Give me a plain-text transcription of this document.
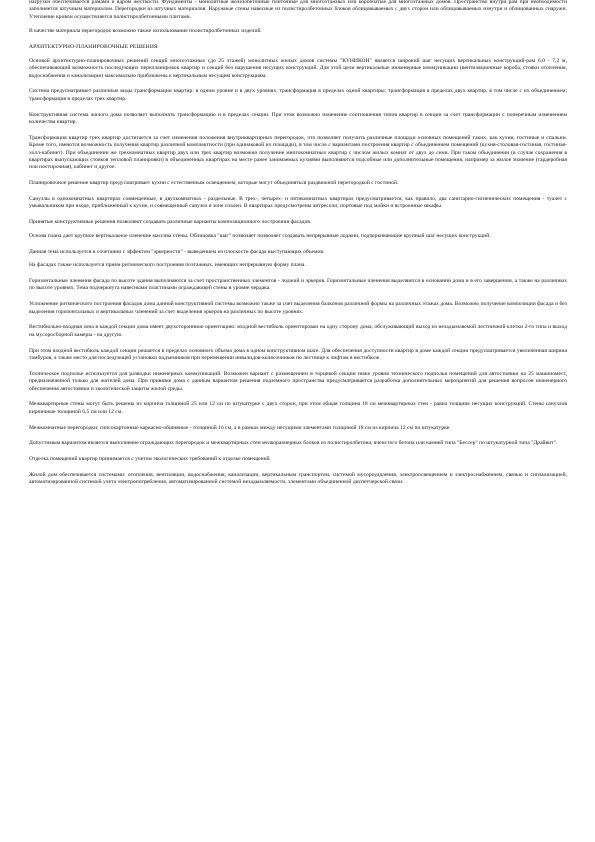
нагрузки обеспечивается рамами и ядром жесткости. Фундаменты - монолитные железобетонные плиточные для многоэтажных или коробчатые для многоэтажных домов. Пространство внутри рам при необходимости заполняется штучным материалом. Перегородки из штучных материалов. Наружные стены навесные из полистиролбетонных блоков облицовываемых с двух сторон или облицовываемых изнутри и облицованных снаружи. Утепление кровли осуществляется полистиролбетонными плитами.

В качестве материала перегородок возможно также использование полистиролбетонных изделий.

АРХИТЕКТУРНО-ПЛАНИРОВОЧНЫЕ РЕШЕНИЯ

Основой архитектурно-планировочных решений секций многоэтажных (до 25 этажей) монолитных жилых домов системы "КУНИКОН" является широкий шаг несущих вертикальных конструкций-рам 6,0 - 7,2 м, обеспечивающий возможность последующих перепланировок квартир и секций без нарушения несущих конструкций. Для этой цели вертикальные инженерные коммуникации (вентиляционные короба, стояки отопления, водоснабжения и канализации) максимально приближены к вертикальным несущим конструкциям.

Система предусматривает различные виды трансформации квартир: в одном уровне и в двух уровнях; трансформация в пределах одной квартиры; трансформация в пределах двух квартир, в том числе с их объединением; трансформация в пределах трех квартир.

Конструктивная система жилого дома позволяет выполнять трансформацию и в пределах секции. При этом возможно изменение соотношения типов квартир в секции за счет трансформации с поперечным изменением количества квартир.

Трансформация квартир трех квартир достигается за счет изменения положения внутриквартирных перегородок, что позволяет получить различные площади основных помещений таких, как кухни, гостиные и спальни. Кроме того, имеются возможность получения квартир различной комплектности (при одинаковой их площади), в том числе с вариантами построения квартир с объединением помещений (кухня-столовая-гостиная, гостиная-холл-кабинет). При объединении же трехкомнатных квартир двух или трех квартир возможно получение многокомнатных квартир с числом жилых комнат от двух до семи. При таком объединении (в случае сохранения в квартирах выпускающих стояков тепловой планировки) в объединенных квартирах на месте ранее занимаемых кухнями выполняются подсобные или дополнительные помещения, например за жилое значение (гардеробная или постирочная), кабинет и другое.

Планировочное решение квартир предусматривает кухни с естественным освещением, которые могут объединяться раздвижной перегородкой с гостиной.

Санузлы в однокомнатных квартирах совмещенные, в двухкомнатных - раздельные. В трех-, четырех- и пятикомнатных квартирах предусматривается, как правило, два санитарно-гигиенических помещения - туалет с умывальником при входе, приближенный к кухне, и совмещенный санузел в зоне спален. В квартирах предусмотрены антресоли, портовые под мойки и встроенные шкафы.

Принятые конструктивные решения позволяют создавать различные варианты композиционного построения фасадов.

Основа плана дает крупное вертикальное членение массива стены. Облицовка "шаг" позволяет позволяет создавать непрерывные лоджии, подчеркивающие крупный шаг несущих конструкций.

Данная тема используется в сочетании с эффектом "эркерности" - выведением из плоскости фасада выступающих объемов.

На фасадах также используется прием ритмического построения поэтажных, имеющих непрерывную форму плана.

Горизонтальные членения фасада по высоте здания выполняются за счет пространственных элементов - лоджий и эркеров. Горизонтальные членения выделяются в основании дома и в его завершении, а также на различных по высоте уровнях. Тема подчеркнута навесными пластинами ограждающей стены в уровне чердака.

Усложнение ритмического построения фасадов дома данной конструктивной системы возможно также за счет выделения балконов различной формы на различных этажах дома. Возможно получение композиции фасада и без выделения горизонтальных и вертикальных членений за счет выделения эркеров на различных по высоте уровнях.

Вестибюльно-входная зона в каждой секции дома имеет двухстороннюю ориентацию: входной вестибюль ориентирован на одну сторону дома, обслуживающий выход из незадымляемой лестничной клетки 2-го типа и выход на мусоросборной камеры - на другую.

При этом входной вестибюль каждой секции решается в пределах основного объема дома в одном конструктивном шаге. Для обеспечения доступности квартир в доме каждой секции предусматривается увеличенная ширина тамбуров, а также место для последующей установки подъемников при перемещении инвалидов-колясочников по лестнице к лифтам в вестибюле.

Техническое подполье используется для разводки инженерных коммуникаций. Возможен вариант с размещением в торцевой секции ниже уровня технического подполья помещений для автостоянки на 25 машиномест, предназначенной только для жителей дома. При привязке дома с данным вариантом решения подземного пространства предусматривается разработка дополнительных мероприятий для решения вопросов инженерного обеспечения автостоянки и экологической защиты жилой среды.

Межквартирные стены могут быть решены из кирпича толщиной 25 или 12 см по штукатурке с двух сторон, при этом общая толщина 18 см межквартирных стен - равна толщине несущих конструкций. Стены санузлов кирпичные толщиной 6,5 см или 12 см.

Межкомнатные перегородки: гипсокартонные каркасно-обшивные - толщиной 16 см, а в рамках между несущими элементами толщиной 18 см из кирпича 12 см по штукатурке.

Допустимым вариантом является выполнение ограждающих перегородок и межквартирных стен мелкоразмерных блоков из полистиролбетона, ячеистого бетона или камней типа "Бессер" по штукатурной типа "Драйвит".

Отделка помещений квартир принимается с учетом экологических требований к отделке помещений.

Жилой дом обеспечивается системами: отопления, вентиляции, водоснабжения, канализации, вертикальным транспортом, системой мусороудаления, электроосвещением и электроснабжением, связью и сигнализацией, автоматизированной системой учета электропотребления, автоматизированной системой незадымляемости, элементами объединенной диспетчерской связи.
